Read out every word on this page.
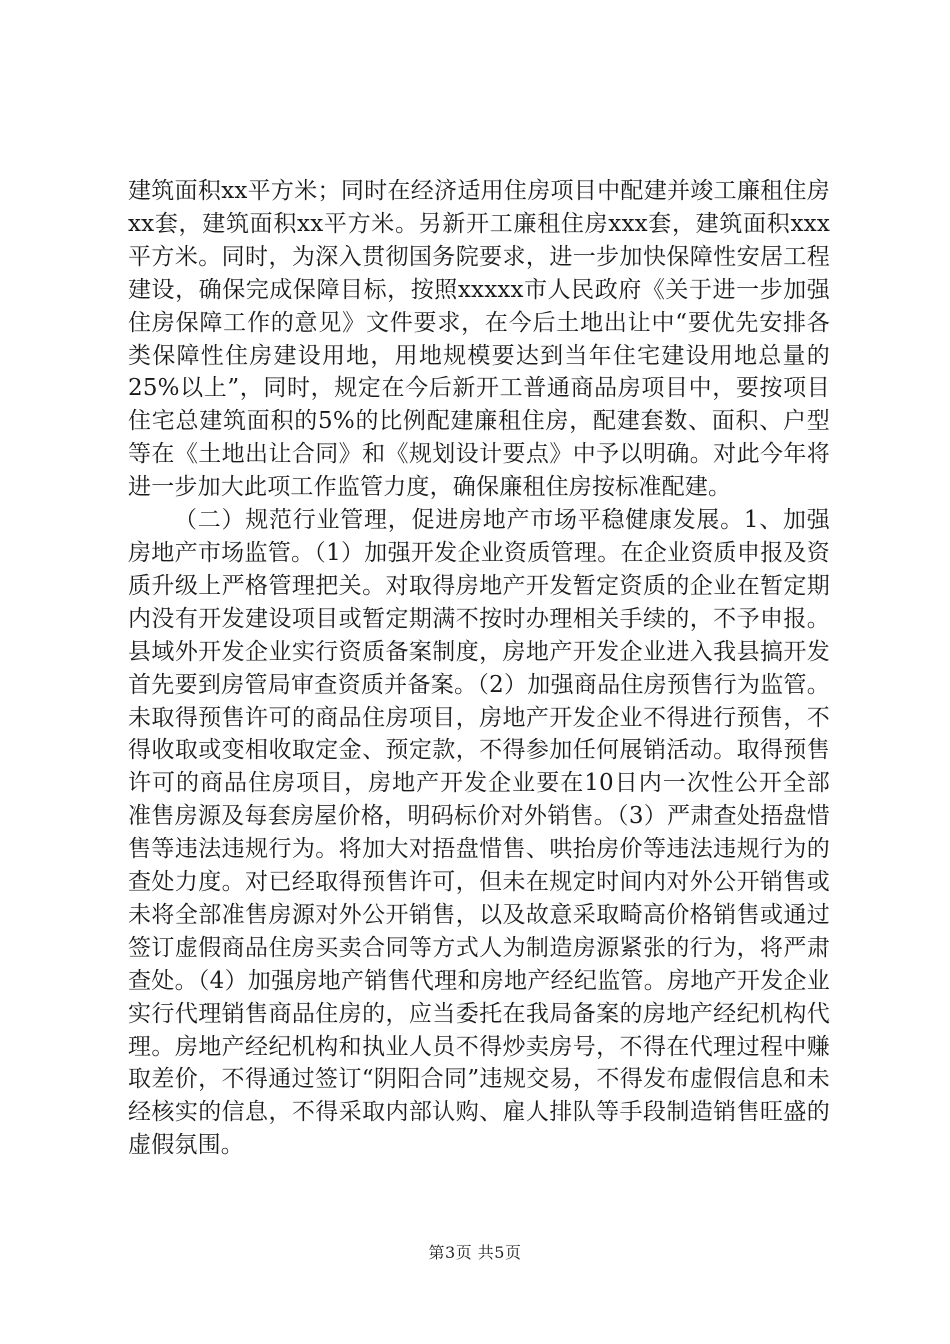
建筑面积xx平方米；同时在经济适用住房项目中配建并竣工廉租住房xx套，建筑面积xx平方米。另新开工廉租住房xxx套，建筑面积xxx平方米。同时，为深入贯彻国务院要求，进一步加快保障性安居工程建设，确保完成保障目标，按照xxxxx市人民政府《关于进一步加强住房保障工作的意见》文件要求，在今后土地出让中“要优先安排各类保障性住房建设用地，用地规模要达到当年住宅建设用地总量的25%以上”，同时，规定在今后新开工普通商品房项目中，要按项目住宅总建筑面积的5%的比例配建廉租住房，配建套数、面积、户型等在《土地出让合同》和《规划设计要点》中予以明确。对此今年将进一步加大此项工作监管力度，确保廉租住房按标准配建。

（二）规范行业管理，促进房地产市场平稳健康发展。1、加强房地产市场监管。（1）加强开发企业资质管理。在企业资质申报及资质升级上严格管理把关。对取得房地产开发暂定资质的企业在暂定期内没有开发建设项目或暂定期满不按时办理相关手续的，不予申报。县域外开发企业实行资质备案制度，房地产开发企业进入我县搞开发首先要到房管局审查资质并备案。（2）加强商品住房预售行为监管。未取得预售许可的商品住房项目，房地产开发企业不得进行预售，不得收取或变相收取定金、预定款，不得参加任何展销活动。取得预售许可的商品住房项目，房地产开发企业要在10日内一次性公开全部准售房源及每套房屋价格，明码标价对外销售。（3）严肃查处捂盘惜售等违法违规行为。将加大对捂盘惜售、哄抬房价等违法违规行为的查处力度。对已经取得预售许可，但未在规定时间内对外公开销售或未将全部准售房源对外公开销售，以及故意采取畸高价格销售或通过签订虚假商品住房买卖合同等方式人为制造房源紧张的行为，将严肃查处。（4）加强房地产销售代理和房地产经纪监管。房地产开发企业实行代理销售商品住房的，应当委托在我局备案的房地产经纪机构代理。房地产经纪机构和执业人员不得炒卖房号，不得在代理过程中赚取差价，不得通过签订“阴阳合同”违规交易，不得发布虚假信息和未经核实的信息，不得采取内部认购、雇人排队等手段制造销售旺盛的虚假氛围。

第3页 共5页
